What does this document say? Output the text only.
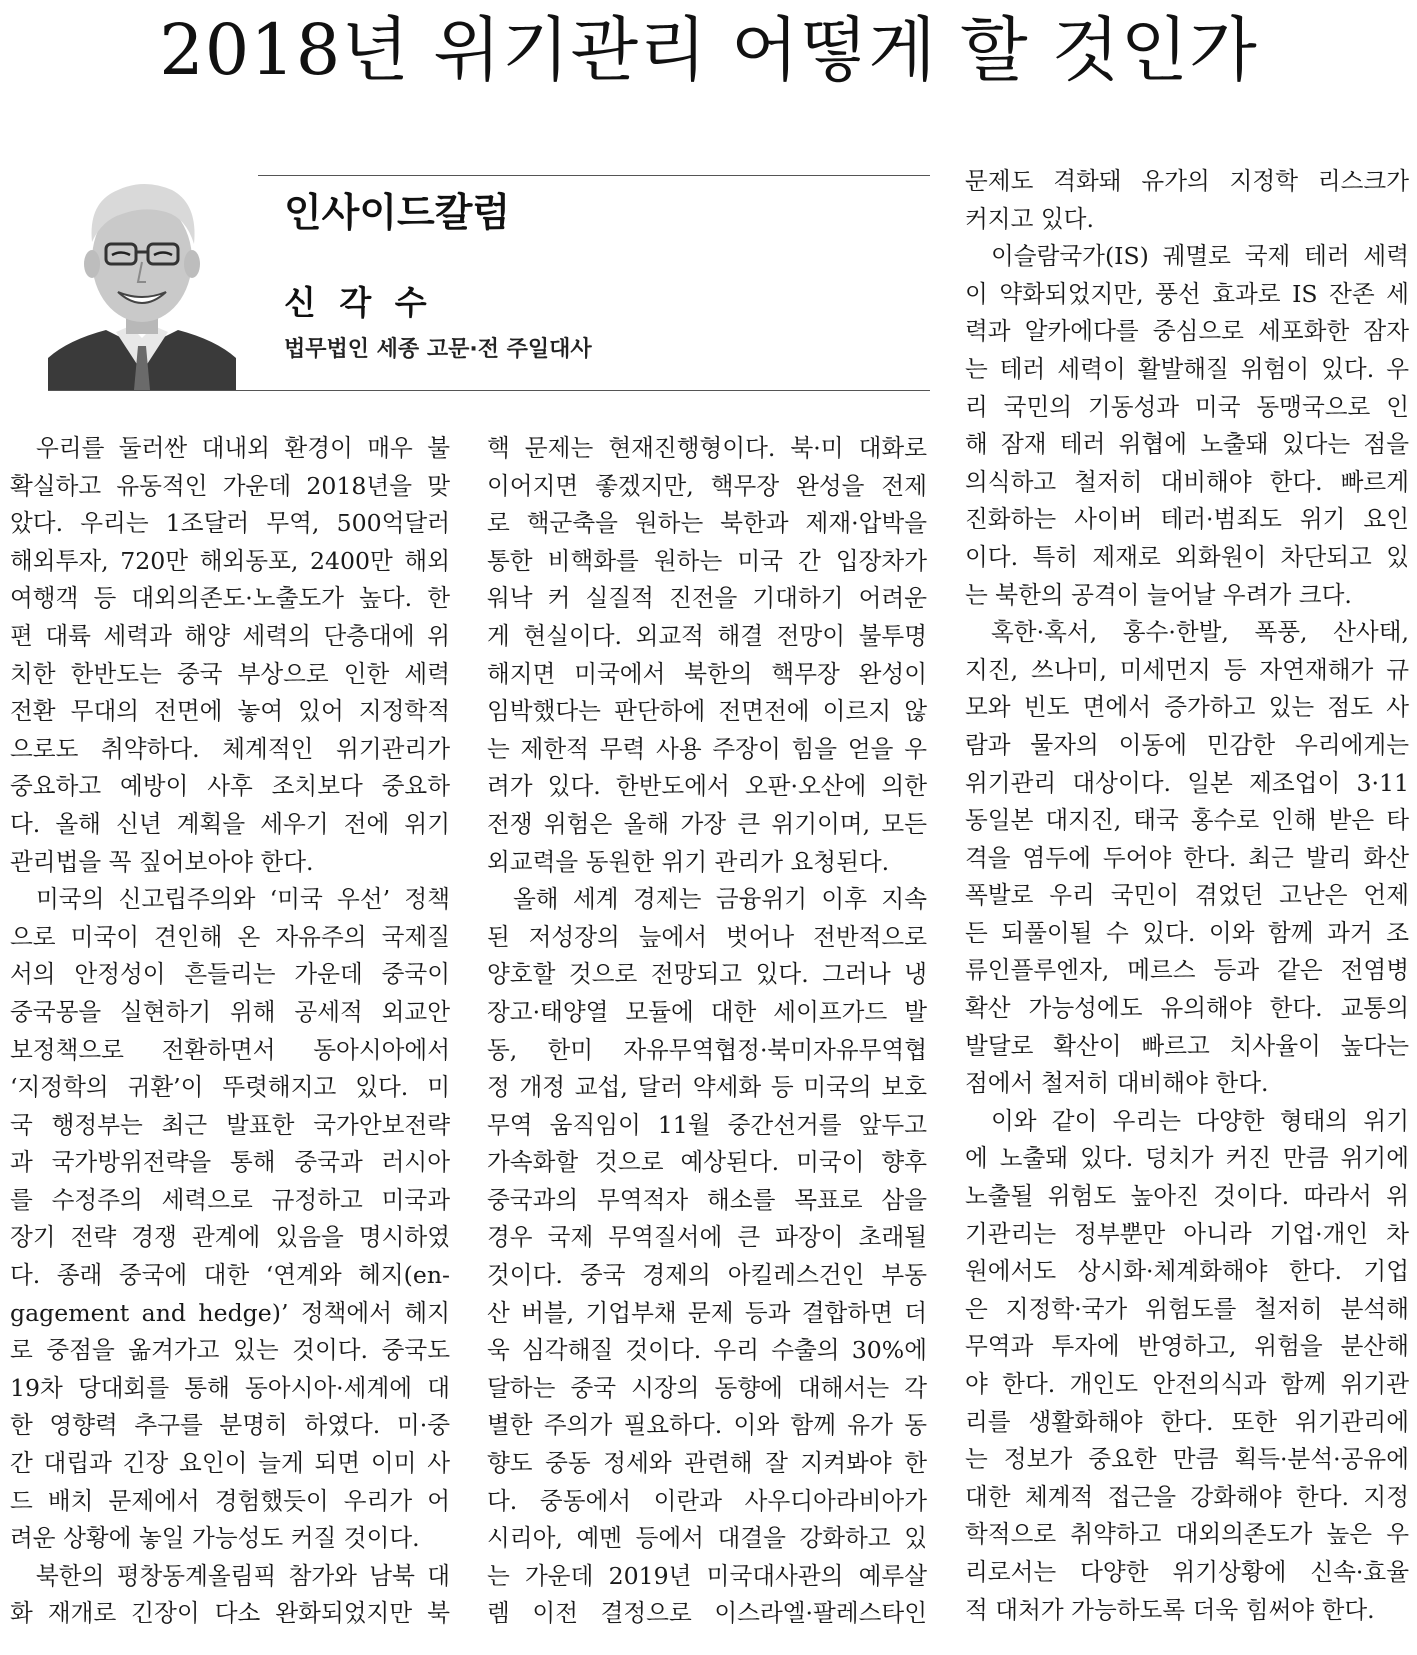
2018년 위기관리 어떻게 할 것인가
인사이드칼럼
신 각 수
법무법인 세종 고문·전 주일대사
우리를 둘러싼 대내외 환경이 매우 불
확실하고 유동적인 가운데 2018년을 맞
았다. 우리는 1조달러 무역, 500억달러
해외투자, 720만 해외동포, 2400만 해외
여행객 등 대외의존도·노출도가 높다. 한
편 대륙 세력과 해양 세력의 단층대에 위
치한 한반도는 중국 부상으로 인한 세력
전환 무대의 전면에 놓여 있어 지정학적
으로도 취약하다. 체계적인 위기관리가
중요하고 예방이 사후 조치보다 중요하
다. 올해 신년 계획을 세우기 전에 위기
관리법을 꼭 짚어보아야 한다.
미국의 신고립주의와 ‘미국 우선’ 정책
으로 미국이 견인해 온 자유주의 국제질
서의 안정성이 흔들리는 가운데 중국이
중국몽을 실현하기 위해 공세적 외교안
보정책으로 전환하면서 동아시아에서
‘지정학의 귀환’이 뚜렷해지고 있다. 미
국 행정부는 최근 발표한 국가안보전략
과 국가방위전략을 통해 중국과 러시아
를 수정주의 세력으로 규정하고 미국과
장기 전략 경쟁 관계에 있음을 명시하였
다. 종래 중국에 대한 ‘연계와 헤지(en-
gagement and hedge)’ 정책에서 헤지
로 중점을 옮겨가고 있는 것이다. 중국도
19차 당대회를 통해 동아시아·세계에 대
한 영향력 추구를 분명히 하였다. 미·중
간 대립과 긴장 요인이 늘게 되면 이미 사
드 배치 문제에서 경험했듯이 우리가 어
려운 상황에 놓일 가능성도 커질 것이다.
북한의 평창동계올림픽 참가와 남북 대
화 재개로 긴장이 다소 완화되었지만 북
핵 문제는 현재진행형이다. 북·미 대화로
이어지면 좋겠지만, 핵무장 완성을 전제
로 핵군축을 원하는 북한과 제재·압박을
통한 비핵화를 원하는 미국 간 입장차가
워낙 커 실질적 진전을 기대하기 어려운
게 현실이다. 외교적 해결 전망이 불투명
해지면 미국에서 북한의 핵무장 완성이
임박했다는 판단하에 전면전에 이르지 않
는 제한적 무력 사용 주장이 힘을 얻을 우
려가 있다. 한반도에서 오판·오산에 의한
전쟁 위험은 올해 가장 큰 위기이며, 모든
외교력을 동원한 위기 관리가 요청된다.
올해 세계 경제는 금융위기 이후 지속
된 저성장의 늪에서 벗어나 전반적으로
양호할 것으로 전망되고 있다. 그러나 냉
장고·태양열 모듈에 대한 세이프가드 발
동, 한미 자유무역협정·북미자유무역협
정 개정 교섭, 달러 약세화 등 미국의 보호
무역 움직임이 11월 중간선거를 앞두고
가속화할 것으로 예상된다. 미국이 향후
중국과의 무역적자 해소를 목표로 삼을
경우 국제 무역질서에 큰 파장이 초래될
것이다. 중국 경제의 아킬레스건인 부동
산 버블, 기업부채 문제 등과 결합하면 더
욱 심각해질 것이다. 우리 수출의 30%에
달하는 중국 시장의 동향에 대해서는 각
별한 주의가 필요하다. 이와 함께 유가 동
향도 중동 정세와 관련해 잘 지켜봐야 한
다. 중동에서 이란과 사우디아라비아가
시리아, 예멘 등에서 대결을 강화하고 있
는 가운데 2019년 미국대사관의 예루살
렘 이전 결정으로 이스라엘·팔레스타인
문제도 격화돼 유가의 지정학 리스크가
커지고 있다.
이슬람국가(IS) 궤멸로 국제 테러 세력
이 약화되었지만, 풍선 효과로 IS 잔존 세
력과 알카에다를 중심으로 세포화한 잠자
는 테러 세력이 활발해질 위험이 있다. 우
리 국민의 기동성과 미국 동맹국으로 인
해 잠재 테러 위협에 노출돼 있다는 점을
의식하고 철저히 대비해야 한다. 빠르게
진화하는 사이버 테러·범죄도 위기 요인
이다. 특히 제재로 외화원이 차단되고 있
는 북한의 공격이 늘어날 우려가 크다.
혹한·혹서, 홍수·한발, 폭풍, 산사태,
지진, 쓰나미, 미세먼지 등 자연재해가 규
모와 빈도 면에서 증가하고 있는 점도 사
람과 물자의 이동에 민감한 우리에게는
위기관리 대상이다. 일본 제조업이 3·11
동일본 대지진, 태국 홍수로 인해 받은 타
격을 염두에 두어야 한다. 최근 발리 화산
폭발로 우리 국민이 겪었던 고난은 언제
든 되풀이될 수 있다. 이와 함께 과거 조
류인플루엔자, 메르스 등과 같은 전염병
확산 가능성에도 유의해야 한다. 교통의
발달로 확산이 빠르고 치사율이 높다는
점에서 철저히 대비해야 한다.
이와 같이 우리는 다양한 형태의 위기
에 노출돼 있다. 덩치가 커진 만큼 위기에
노출될 위험도 높아진 것이다. 따라서 위
기관리는 정부뿐만 아니라 기업·개인 차
원에서도 상시화·체계화해야 한다. 기업
은 지정학·국가 위험도를 철저히 분석해
무역과 투자에 반영하고, 위험을 분산해
야 한다. 개인도 안전의식과 함께 위기관
리를 생활화해야 한다. 또한 위기관리에
는 정보가 중요한 만큼 획득·분석·공유에
대한 체계적 접근을 강화해야 한다. 지정
학적으로 취약하고 대외의존도가 높은 우
리로서는 다양한 위기상황에 신속·효율
적 대처가 가능하도록 더욱 힘써야 한다.
